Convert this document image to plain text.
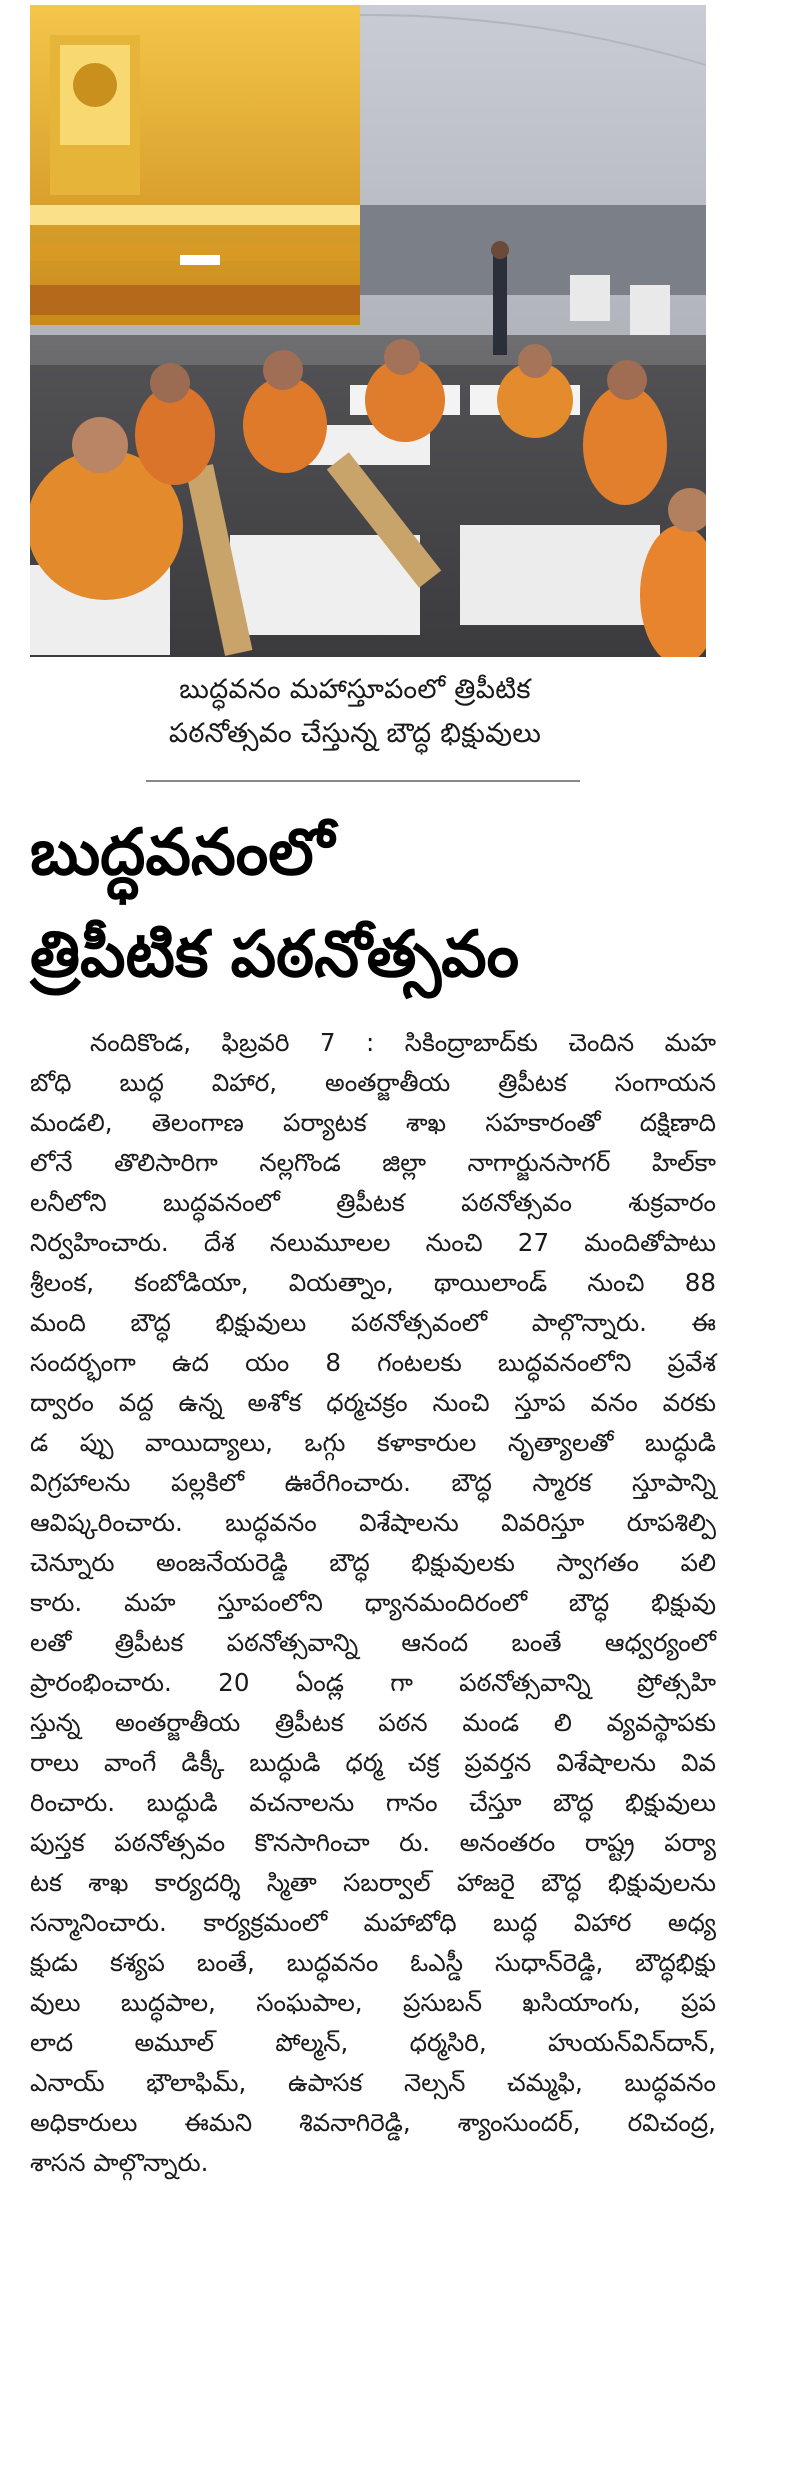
బుద్ధవనం మహాస్తూపంలో త్రిపీటిక
పఠనోత్సవం చేస్తున్న బౌద్ధ భిక్షువులు
బుద్ధవనంలో
త్రిపీటిక పఠనోత్సవం
నందికొండ, ఫిబ్రవరి 7 : సికింద్రాబాద్‌కు చెందిన మహ
బోధి బుద్ధ విహార, అంతర్జాతీయ త్రిపీటక సంగాయన
మండలి, తెలంగాణ పర్యాటక శాఖ సహకారంతో దక్షిణాది
లోనే తొలిసారిగా నల్లగొండ జిల్లా నాగార్జునసాగర్ హిల్‌కా
లనీలోని బుద్ధవనంలో త్రిపీటక పఠనోత్సవం శుక్రవారం
నిర్వహించారు. దేశ నలుమూలల నుంచి 27 మందితోపాటు
శ్రీలంక, కంబోడియా, వియత్నాం, థాయిలాండ్ నుంచి 88
మంది బౌద్ధ భిక్షువులు పఠనోత్సవంలో పాల్గొన్నారు. ఈ
సందర్భంగా ఉద యం 8 గంటలకు బుద్ధవనంలోని ప్రవేశ
ద్వారం వద్ద ఉన్న అశోక ధర్మచక్రం నుంచి స్తూప వనం వరకు
డ ప్పు వాయిద్యాలు, ఒగ్గు కళాకారుల నృత్యాలతో బుద్ధుడి
విగ్రహాలను పల్లకిలో ఊరేగించారు. బౌద్ధ స్మారక స్తూపాన్ని
ఆవిష్కరించారు. బుద్ధవనం విశేషాలను వివరిస్తూ రూపశిల్పి
చెన్నూరు అంజనేయరెడ్డి బౌద్ధ భిక్షువులకు స్వాగతం పలి
కారు. మహ స్తూపంలోని ధ్యానమందిరంలో బౌద్ధ భిక్షువు
లతో త్రిపీటక పఠనోత్సవాన్ని ఆనంద బంతే ఆధ్వర్యంలో
ప్రారంభించారు. 20 ఏండ్ల గా పఠనోత్సవాన్ని ప్రోత్సహి
స్తున్న అంతర్జాతీయ త్రిపీటక పఠన మండ లి వ్యవస్థాపకు
రాలు వాంగే డిక్కీ బుద్ధుడి ధర్మ చక్ర ప్రవర్తన విశేషాలను వివ
రించారు. బుద్ధుడి వచనాలను గానం చేస్తూ బౌద్ధ భిక్షువులు
పుస్తక పఠనోత్సవం కొనసాగించా రు. అనంతరం రాష్ట్ర పర్యా
టక శాఖ కార్యదర్శి స్మితా సబర్వాల్ హాజరై బౌద్ధ భిక్షువులను
సన్మానించారు. కార్యక్రమంలో మహాబోధి బుద్ధ విహార అధ్య
క్షుడు కశ్యప బంతే, బుద్ధవనం ఓఎస్డీ సుధాన్‌రెడ్డి, బౌద్ధభిక్షు
వులు బుద్ధపాల, సంఘపాల, ప్రసుబన్ ఖసియాంగు, ప్రప
లాద అమూల్ పోల్మన్, ధర్మసిరి, హుయన్‌విన్‌దాన్,
ఎనాయ్ భౌలాఫిమ్, ఉపాసక నెల్సన్ చమ్మఫి, బుద్ధవనం
అధికారులు ఈమని శివనాగిరెడ్డి, శ్యాంసుందర్, రవిచంద్ర,
శాసన పాల్గొన్నారు.
